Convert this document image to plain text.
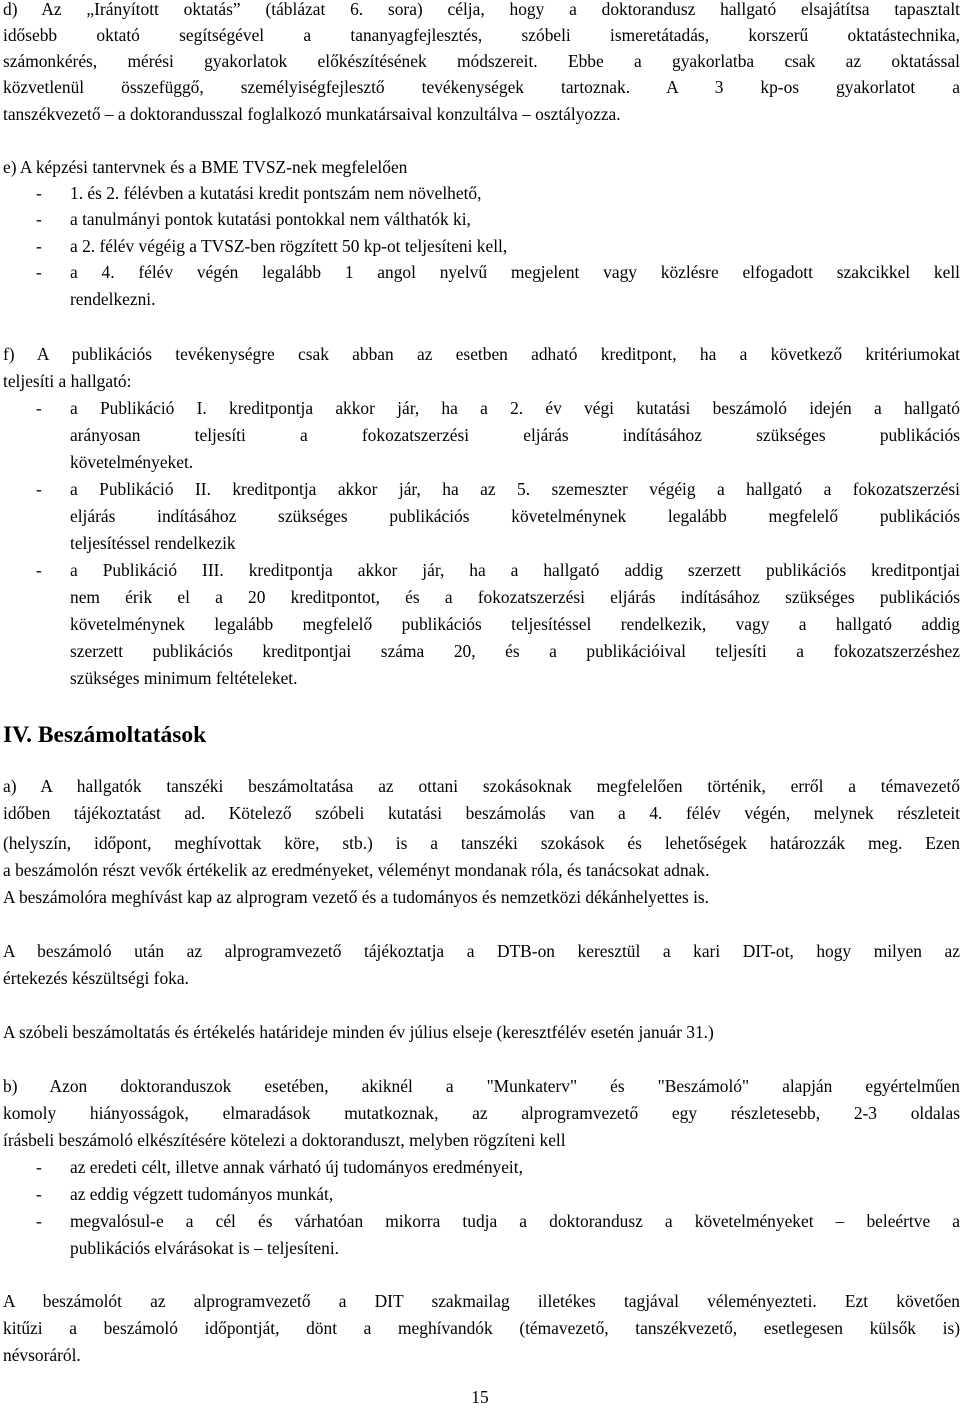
d) Az „Irányított oktatás” (táblázat 6. sora) célja, hogy a doktorandusz hallgató elsajátítsa tapasztalt
idősebb oktató segítségével a tananyagfejlesztés, szóbeli ismeretátadás, korszerű oktatástechnika,
számonkérés, mérési gyakorlatok előkészítésének módszereit. Ebbe a gyakorlatba csak az oktatással
közvetlenül összefüggő, személyiségfejlesztő tevékenységek tartoznak. A 3 kp-os gyakorlatot a
tanszékvezető – a doktorandusszal foglalkozó munkatársaival konzultálva – osztályozza.
e) A képzési tantervnek és a BME TVSZ-nek megfelelően
- 1. és 2. félévben a kutatási kredit pontszám nem növelhető,
- a tanulmányi pontok kutatási pontokkal nem válthatók ki,
- a 2. félév végéig a TVSZ-ben rögzített 50 kp-ot teljesíteni kell,
- a 4. félév végén legalább 1 angol nyelvű megjelent vagy közlésre elfogadott szakcikkel kell
rendelkezni.
f) A publikációs tevékenységre csak abban az esetben adható kreditpont, ha a következő kritériumokat
teljesíti a hallgató:
- a Publikáció I. kreditpontja akkor jár, ha a 2. év végi kutatási beszámoló idején a hallgató
arányosan teljesíti a fokozatszerzési eljárás indításához szükséges publikációs
követelményeket.
- a Publikáció II. kreditpontja akkor jár, ha az 5. szemeszter végéig a hallgató a fokozatszerzési
eljárás indításához szükséges publikációs követelménynek legalább megfelelő publikációs
teljesítéssel rendelkezik
- a Publikáció III. kreditpontja akkor jár, ha a hallgató addig szerzett publikációs kreditpontjai
nem érik el a 20 kreditpontot, és a fokozatszerzési eljárás indításához szükséges publikációs
követelménynek legalább megfelelő publikációs teljesítéssel rendelkezik, vagy a hallgató addig
szerzett publikációs kreditpontjai száma 20, és a publikációival teljesíti a fokozatszerzéshez
szükséges minimum feltételeket.
IV. Beszámoltatások
a) A hallgatók tanszéki beszámoltatása az ottani szokásoknak megfelelően történik, erről a témavezető
időben tájékoztatást ad. Kötelező szóbeli kutatási beszámolás van a 4. félév végén, melynek részleteit
(helyszín, időpont, meghívottak köre, stb.) is a tanszéki szokások és lehetőségek határozzák meg. Ezen
a beszámolón részt vevők értékelik az eredményeket, véleményt mondanak róla, és tanácsokat adnak.
A beszámolóra meghívást kap az alprogram vezető és a tudományos és nemzetközi dékánhelyettes is.
A beszámoló után az alprogramvezető tájékoztatja a DTB-on keresztül a kari DIT-ot, hogy milyen az
értekezés készültségi foka.
A szóbeli beszámoltatás és értékelés határideje minden év július elseje (keresztfélév esetén január 31.)
b) Azon doktoranduszok esetében, akiknél a "Munkaterv" és "Beszámoló" alapján egyértelműen
komoly hiányosságok, elmaradások mutatkoznak, az alprogramvezető egy részletesebb, 2-3 oldalas
írásbeli beszámoló elkészítésére kötelezi a doktoranduszt, melyben rögzíteni kell
- az eredeti célt, illetve annak várható új tudományos eredményeit,
- az eddig végzett tudományos munkát,
- megvalósul-e a cél és várhatóan mikorra tudja a doktorandusz a követelményeket – beleértve a
publikációs elvárásokat is – teljesíteni.
A beszámolót az alprogramvezető a DIT szakmailag illetékes tagjával véleményezteti. Ezt követően
kitűzi a beszámoló időpontját, dönt a meghívandók (témavezető, tanszékvezető, esetlegesen külsők is)
névsoráról.
15
